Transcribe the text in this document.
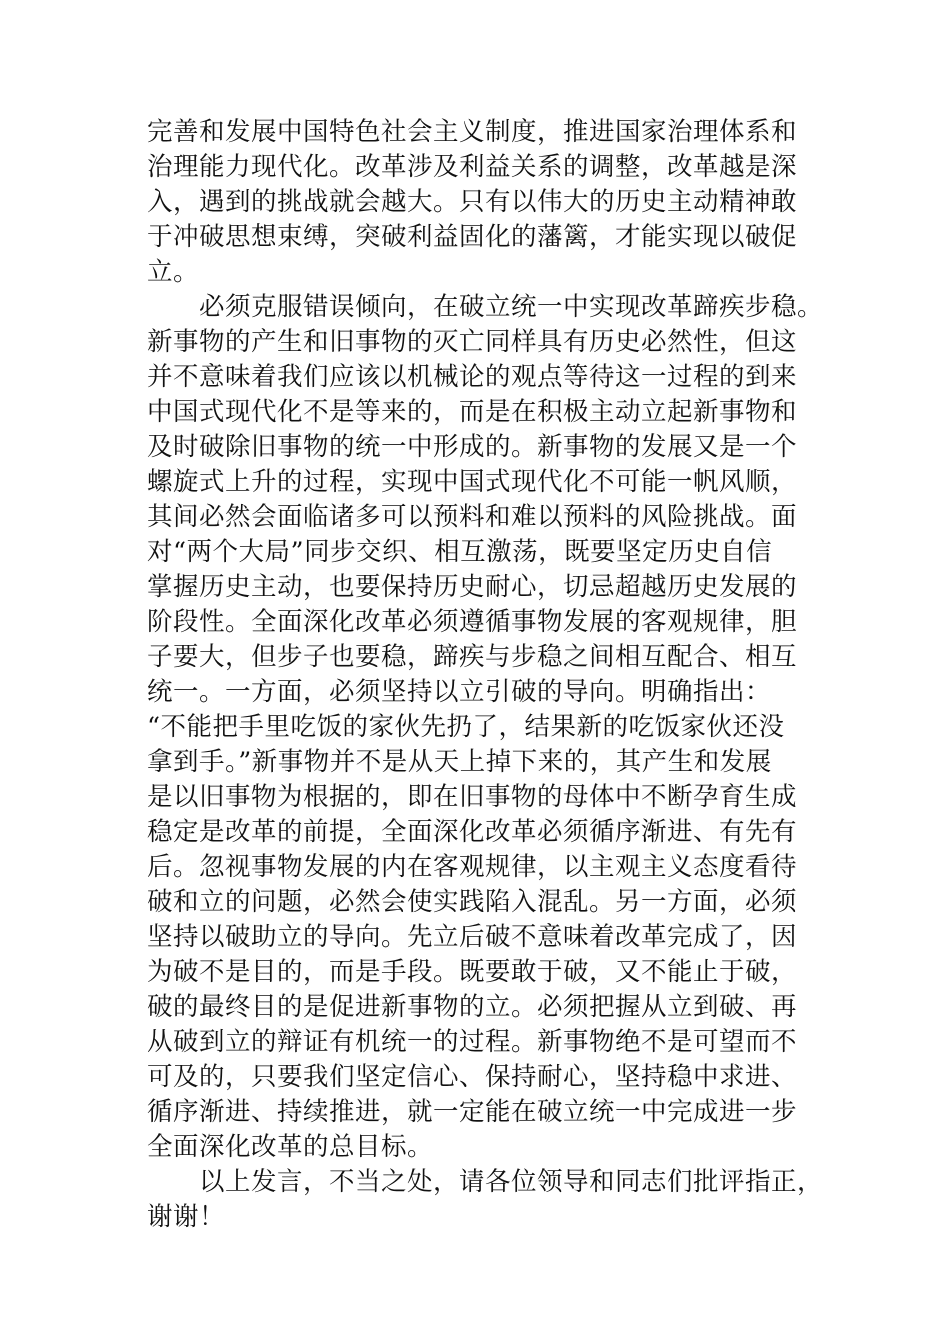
完善和发展中国特色社会主义制度，推进国家治理体系和
治理能力现代化。改革涉及利益关系的调整，改革越是深
入，遇到的挑战就会越大。只有以伟大的历史主动精神敢
于冲破思想束缚，突破利益固化的藩篱，才能实现以破促
立。
必须克服错误倾向，在破立统一中实现改革蹄疾步稳。
新事物的产生和旧事物的灭亡同样具有历史必然性，但这
并不意味着我们应该以机械论的观点等待这一过程的到来
中国式现代化不是等来的，而是在积极主动立起新事物和
及时破除旧事物的统一中形成的。新事物的发展又是一个
螺旋式上升的过程，实现中国式现代化不可能一帆风顺，
其间必然会面临诸多可以预料和难以预料的风险挑战。面
对“两个大局”同步交织、相互激荡，既要坚定历史自信
掌握历史主动，也要保持历史耐心，切忌超越历史发展的
阶段性。全面深化改革必须遵循事物发展的客观规律，胆
子要大，但步子也要稳，蹄疾与步稳之间相互配合、相互
统一。一方面，必须坚持以立引破的导向。明确指出：
“不能把手里吃饭的家伙先扔了，结果新的吃饭家伙还没
拿到手。”新事物并不是从天上掉下来的，其产生和发展
是以旧事物为根据的，即在旧事物的母体中不断孕育生成
稳定是改革的前提，全面深化改革必须循序渐进、有先有
后。忽视事物发展的内在客观规律，以主观主义态度看待
破和立的问题，必然会使实践陷入混乱。另一方面，必须
坚持以破助立的导向。先立后破不意味着改革完成了，因
为破不是目的，而是手段。既要敢于破，又不能止于破，
破的最终目的是促进新事物的立。必须把握从立到破、再
从破到立的辩证有机统一的过程。新事物绝不是可望而不
可及的，只要我们坚定信心、保持耐心，坚持稳中求进、
循序渐进、持续推进，就一定能在破立统一中完成进一步
全面深化改革的总目标。
以上发言，不当之处，请各位领导和同志们批评指正，
谢谢！
